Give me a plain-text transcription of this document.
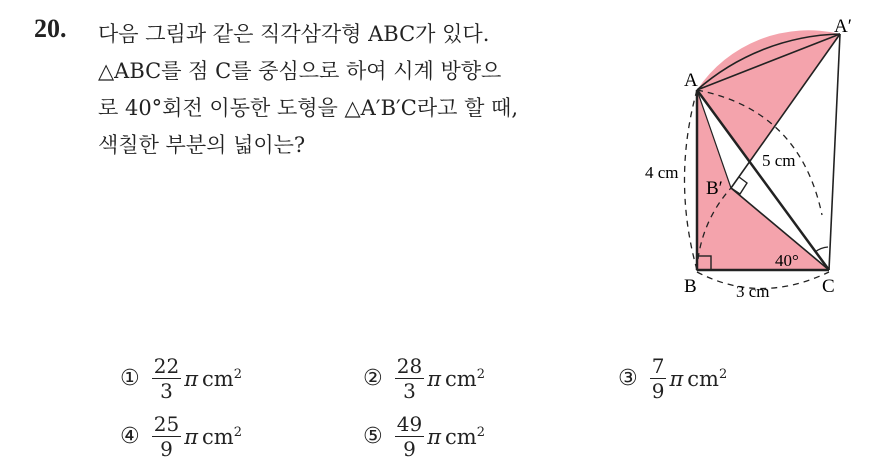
20. 다음 그림과 같은 직각삼각형 ABC가 있다.
△ABC를 점 C를 중심으로 하여 시계 방향으
로 40°회전 이동한 도형을 △A′B′C라고 할 때,
색칠한 부분의 넓이는?
A
A′
B
B′
C
4 cm
5 cm
3 cm
40°
① $\frac{22}{3}$ π $cm^2$	② $\frac{28}{3}$ π $cm^2$	③ $\frac{7}{9}$ π $cm^2$
④ $\frac{25}{9}$ π $cm^2$	⑤ $\frac{49}{9}$ π $cm^2$
